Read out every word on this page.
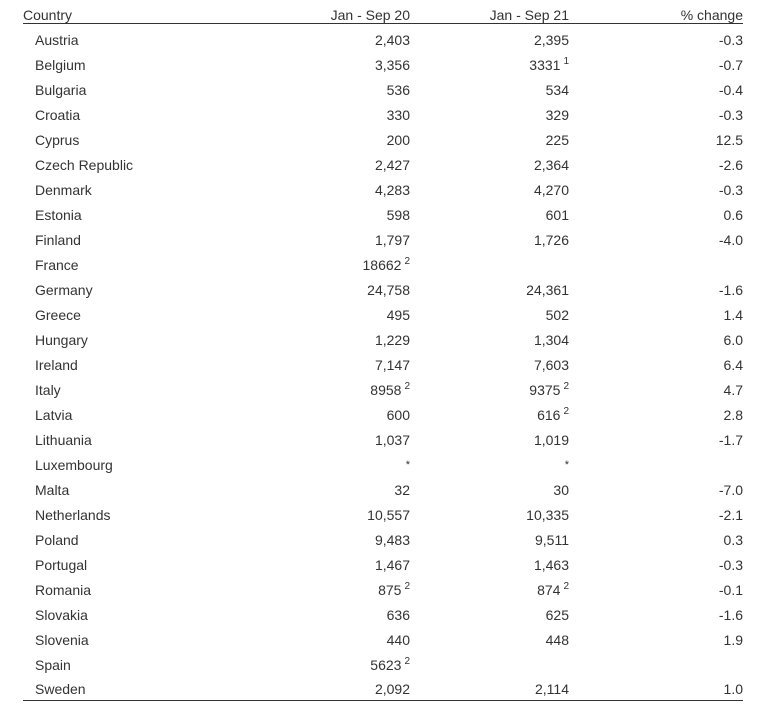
Country	Jan - Sep 20	Jan - Sep 21	% change
Austria	2,403	2,395	-0.3
Belgium	3,356	3331 $^1$	-0.7
Bulgaria	536	534	-0.4
Croatia	330	329	-0.3
Cyprus	200	225	12.5
Czech Republic	2,427	2,364	-2.6
Denmark	4,283	4,270	-0.3
Estonia	598	601	0.6
Finland	1,797	1,726	-4.0
France	18662 $^2$		
Germany	24,758	24,361	-1.6
Greece	495	502	1.4
Hungary	1,229	1,304	6.0
Ireland	7,147	7,603	6.4
Italy	8958 $^2$	9375 $^2$	4.7
Latvia	600	616 $^2$	2.8
Lithuania	1,037	1,019	-1.7
Luxembourg	*	*	
Malta	32	30	-7.0
Netherlands	10,557	10,335	-2.1
Poland	9,483	9,511	0.3
Portugal	1,467	1,463	-0.3
Romania	875 $^2$	874 $^2$	-0.1
Slovakia	636	625	-1.6
Slovenia	440	448	1.9
Spain	5623 $^2$		
Sweden	2,092	2,114	1.0
